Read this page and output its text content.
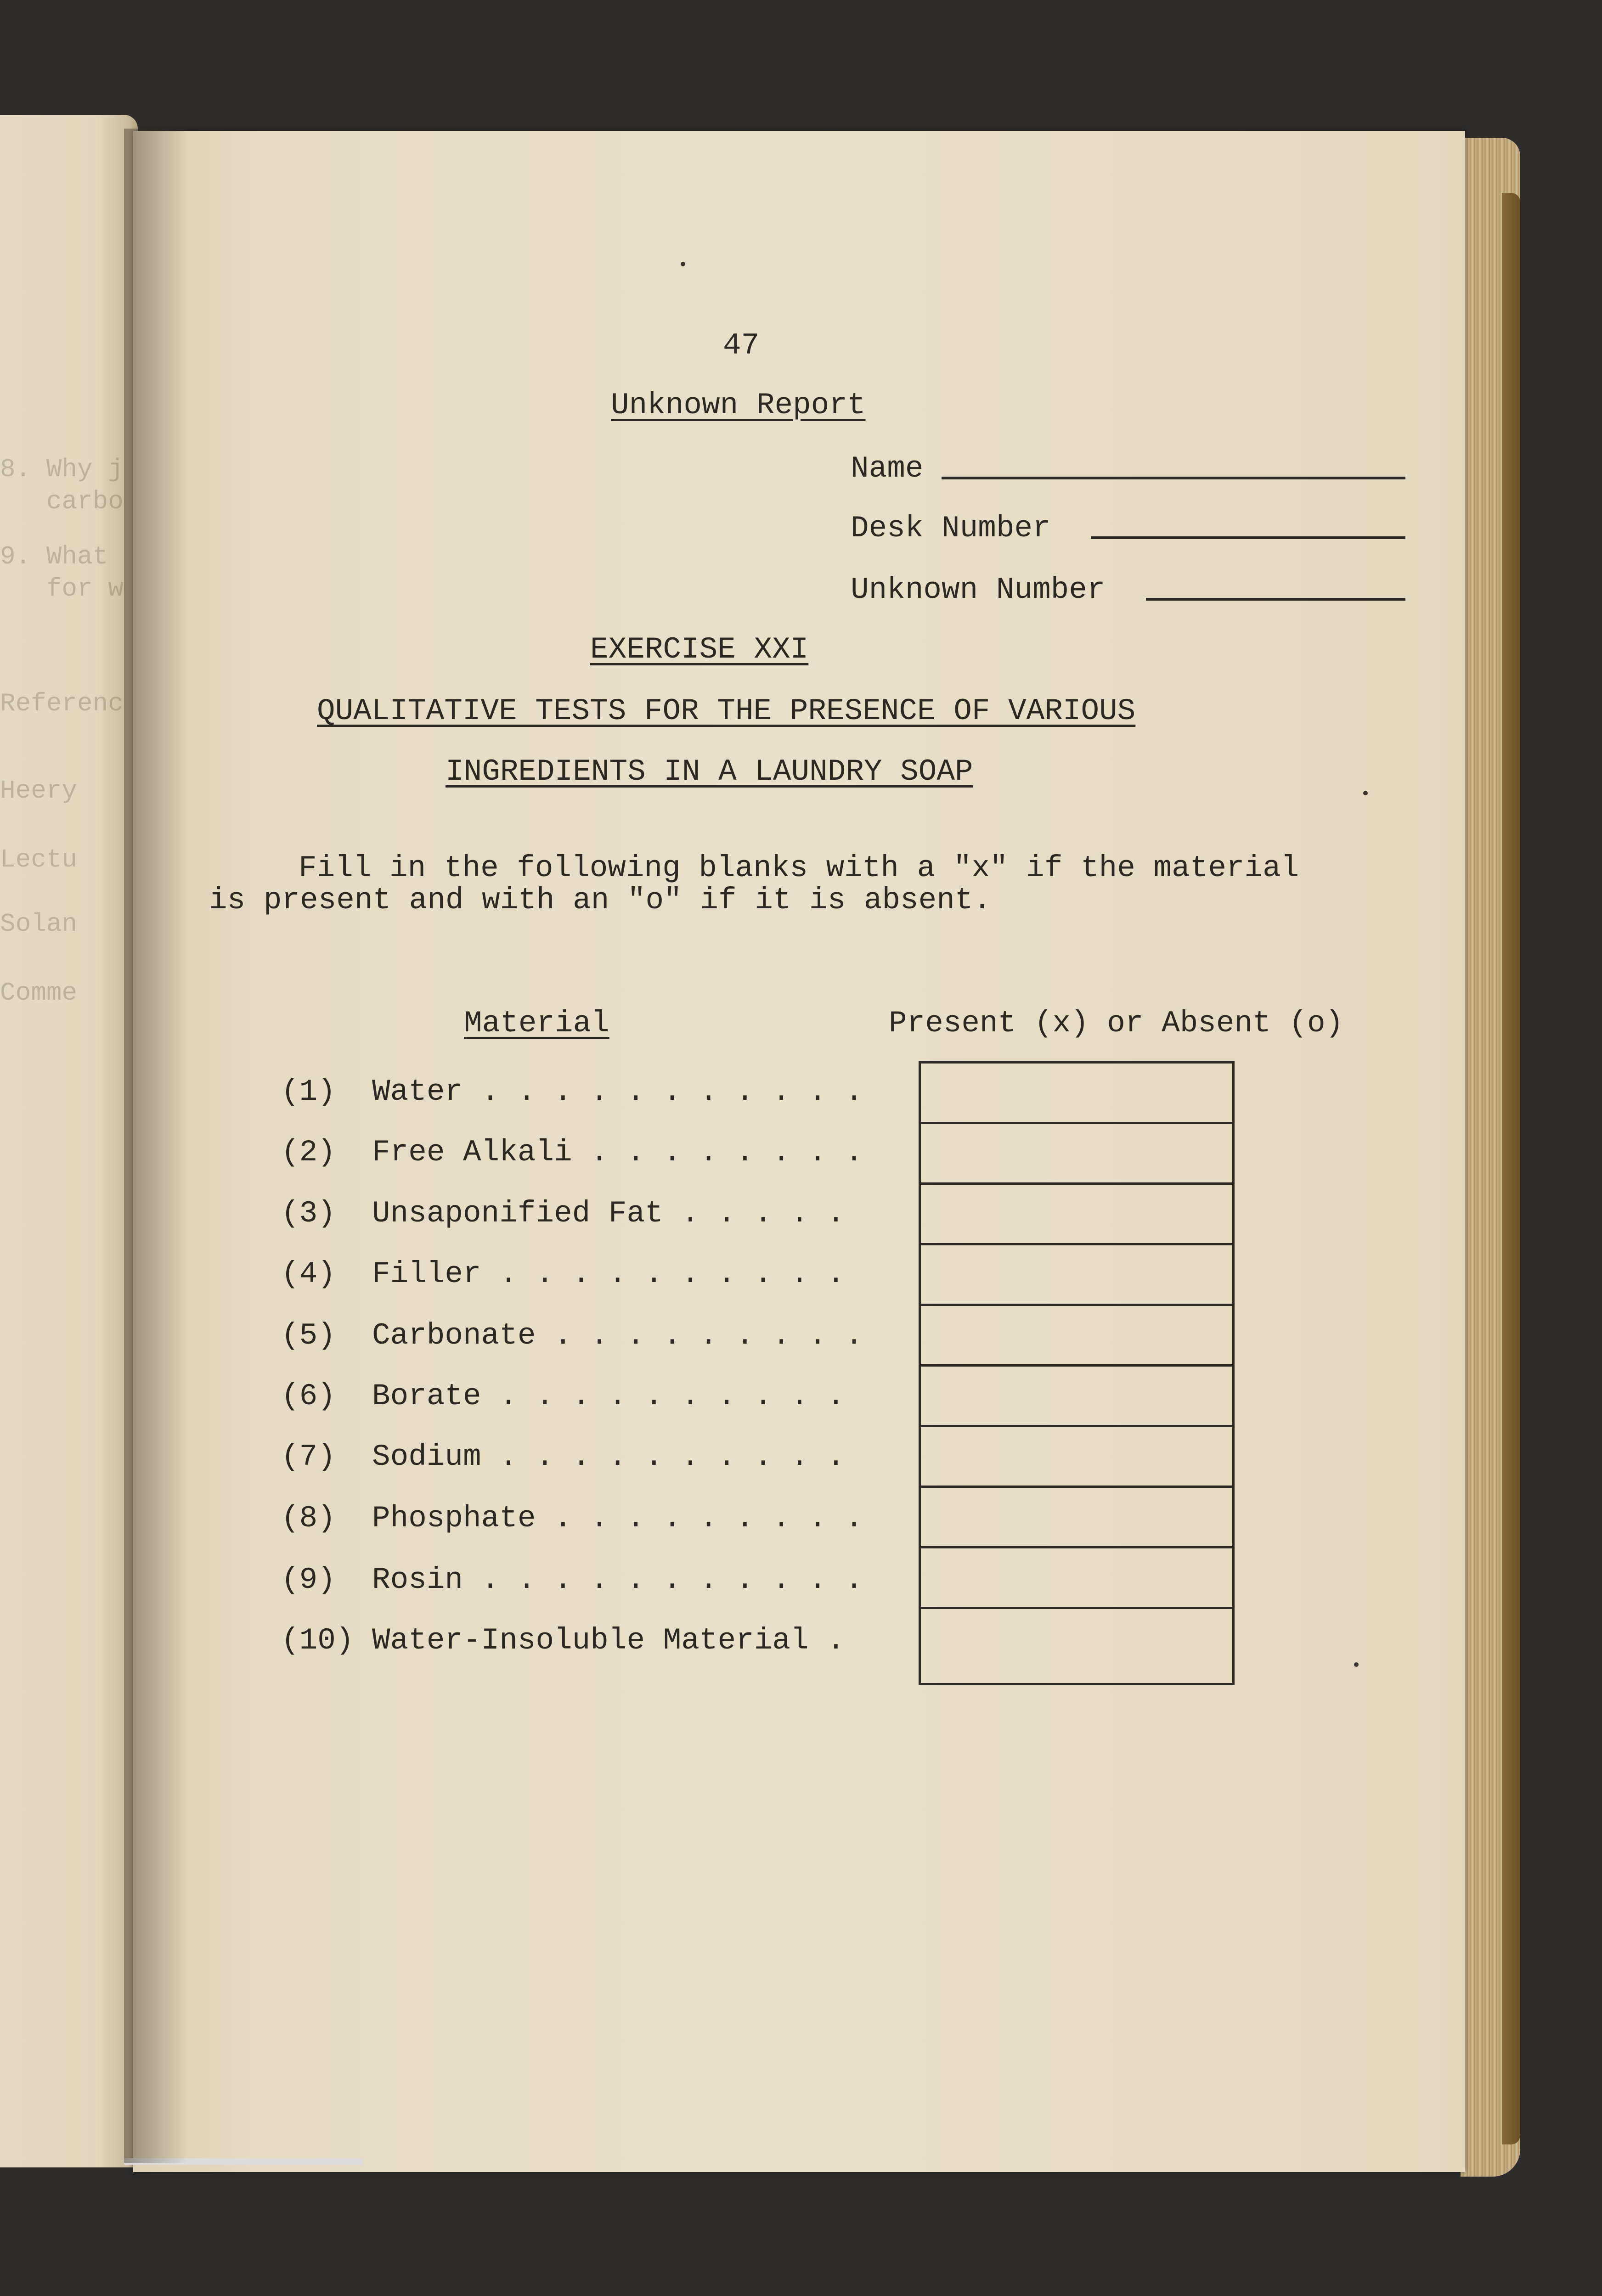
8. Why j
carbo
9. What
for w
Referenc
Heery
Lectu
Solan
Comme
47
Unknown Report
Name
Desk Number
Unknown Number
EXERCISE XXI
QUALITATIVE TESTS FOR THE PRESENCE OF VARIOUS
INGREDIENTS IN A LAUNDRY SOAP
Fill in the following blanks with a "x" if the material
is present and with an "o" if it is absent.
Material	Present (x) or Absent (o)
(1) Water . . . . . . . . . . .
(2) Free Alkali . . . . . . . .
(3) Unsaponified Fat . . . . .
(4) Filler . . . . . . . . . .
(5) Carbonate . . . . . . . . .
(6) Borate . . . . . . . . . .
(7) Sodium . . . . . . . . . .
(8) Phosphate . . . . . . . . .
(9) Rosin . . . . . . . . . . .
(10) Water-Insoluble Material .
